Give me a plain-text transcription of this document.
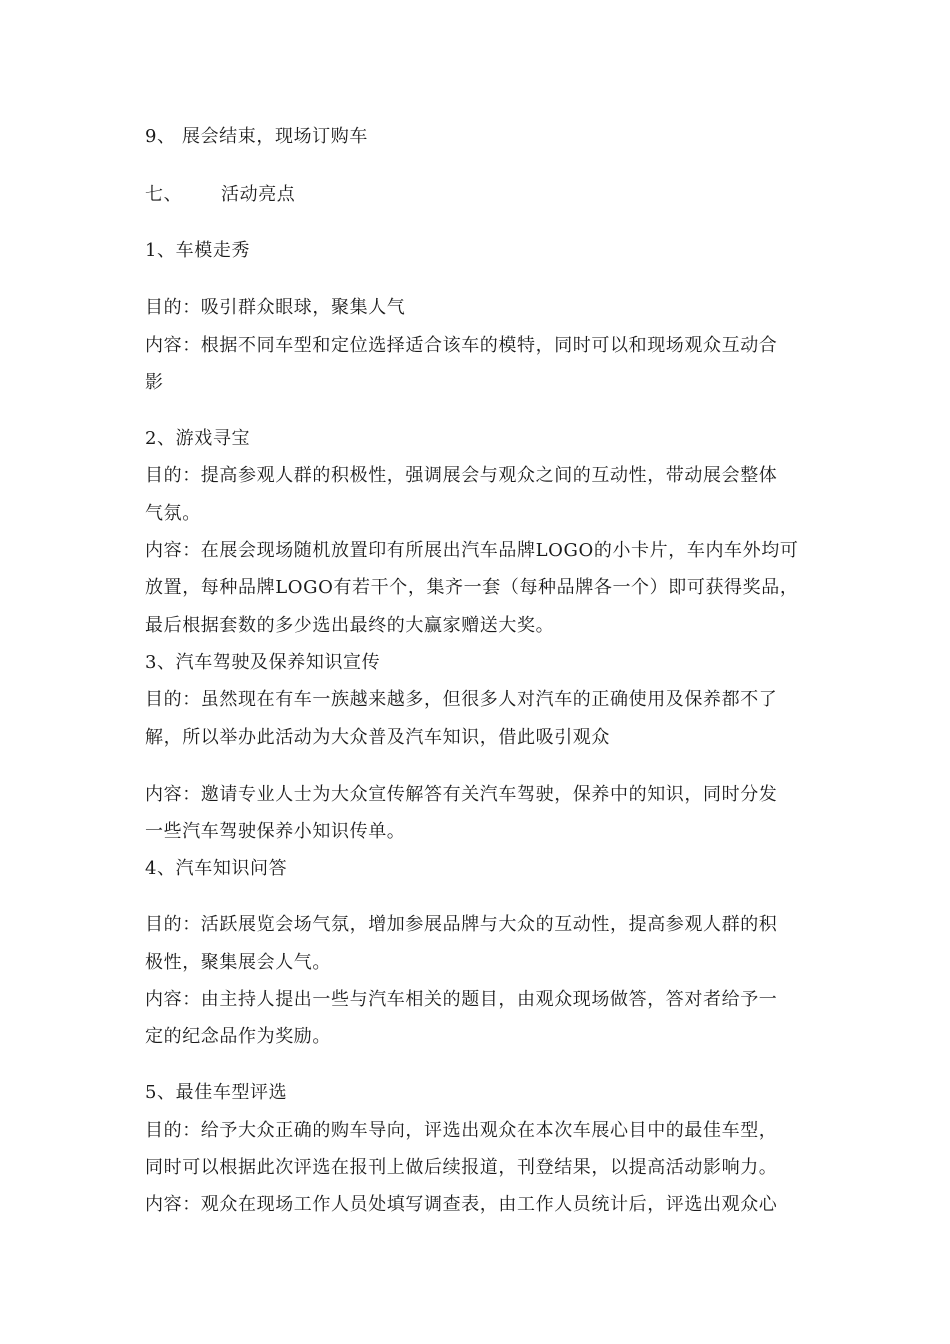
9、 展会结束，现场订购车
七、 活动亮点
1、车模走秀
目的：吸引群众眼球，聚集人气
内容：根据不同车型和定位选择适合该车的模特，同时可以和现场观众互动合
影
2、游戏寻宝
目的：提高参观人群的积极性，强调展会与观众之间的互动性，带动展会整体
气氛。
内容：在展会现场随机放置印有所展出汽车品牌LOGO的小卡片，车内车外均可
放置，每种品牌LOGO有若干个，集齐一套（每种品牌各一个）即可获得奖品，
最后根据套数的多少选出最终的大赢家赠送大奖。
3、汽车驾驶及保养知识宣传
目的：虽然现在有车一族越来越多，但很多人对汽车的正确使用及保养都不了
解，所以举办此活动为大众普及汽车知识，借此吸引观众
内容：邀请专业人士为大众宣传解答有关汽车驾驶，保养中的知识，同时分发
一些汽车驾驶保养小知识传单。
4、汽车知识问答
目的：活跃展览会场气氛，增加参展品牌与大众的互动性，提高参观人群的积
极性，聚集展会人气。
内容：由主持人提出一些与汽车相关的题目，由观众现场做答，答对者给予一
定的纪念品作为奖励。
5、最佳车型评选
目的：给予大众正确的购车导向，评选出观众在本次车展心目中的最佳车型，
同时可以根据此次评选在报刊上做后续报道，刊登结果，以提高活动影响力。
内容：观众在现场工作人员处填写调查表，由工作人员统计后，评选出观众心
